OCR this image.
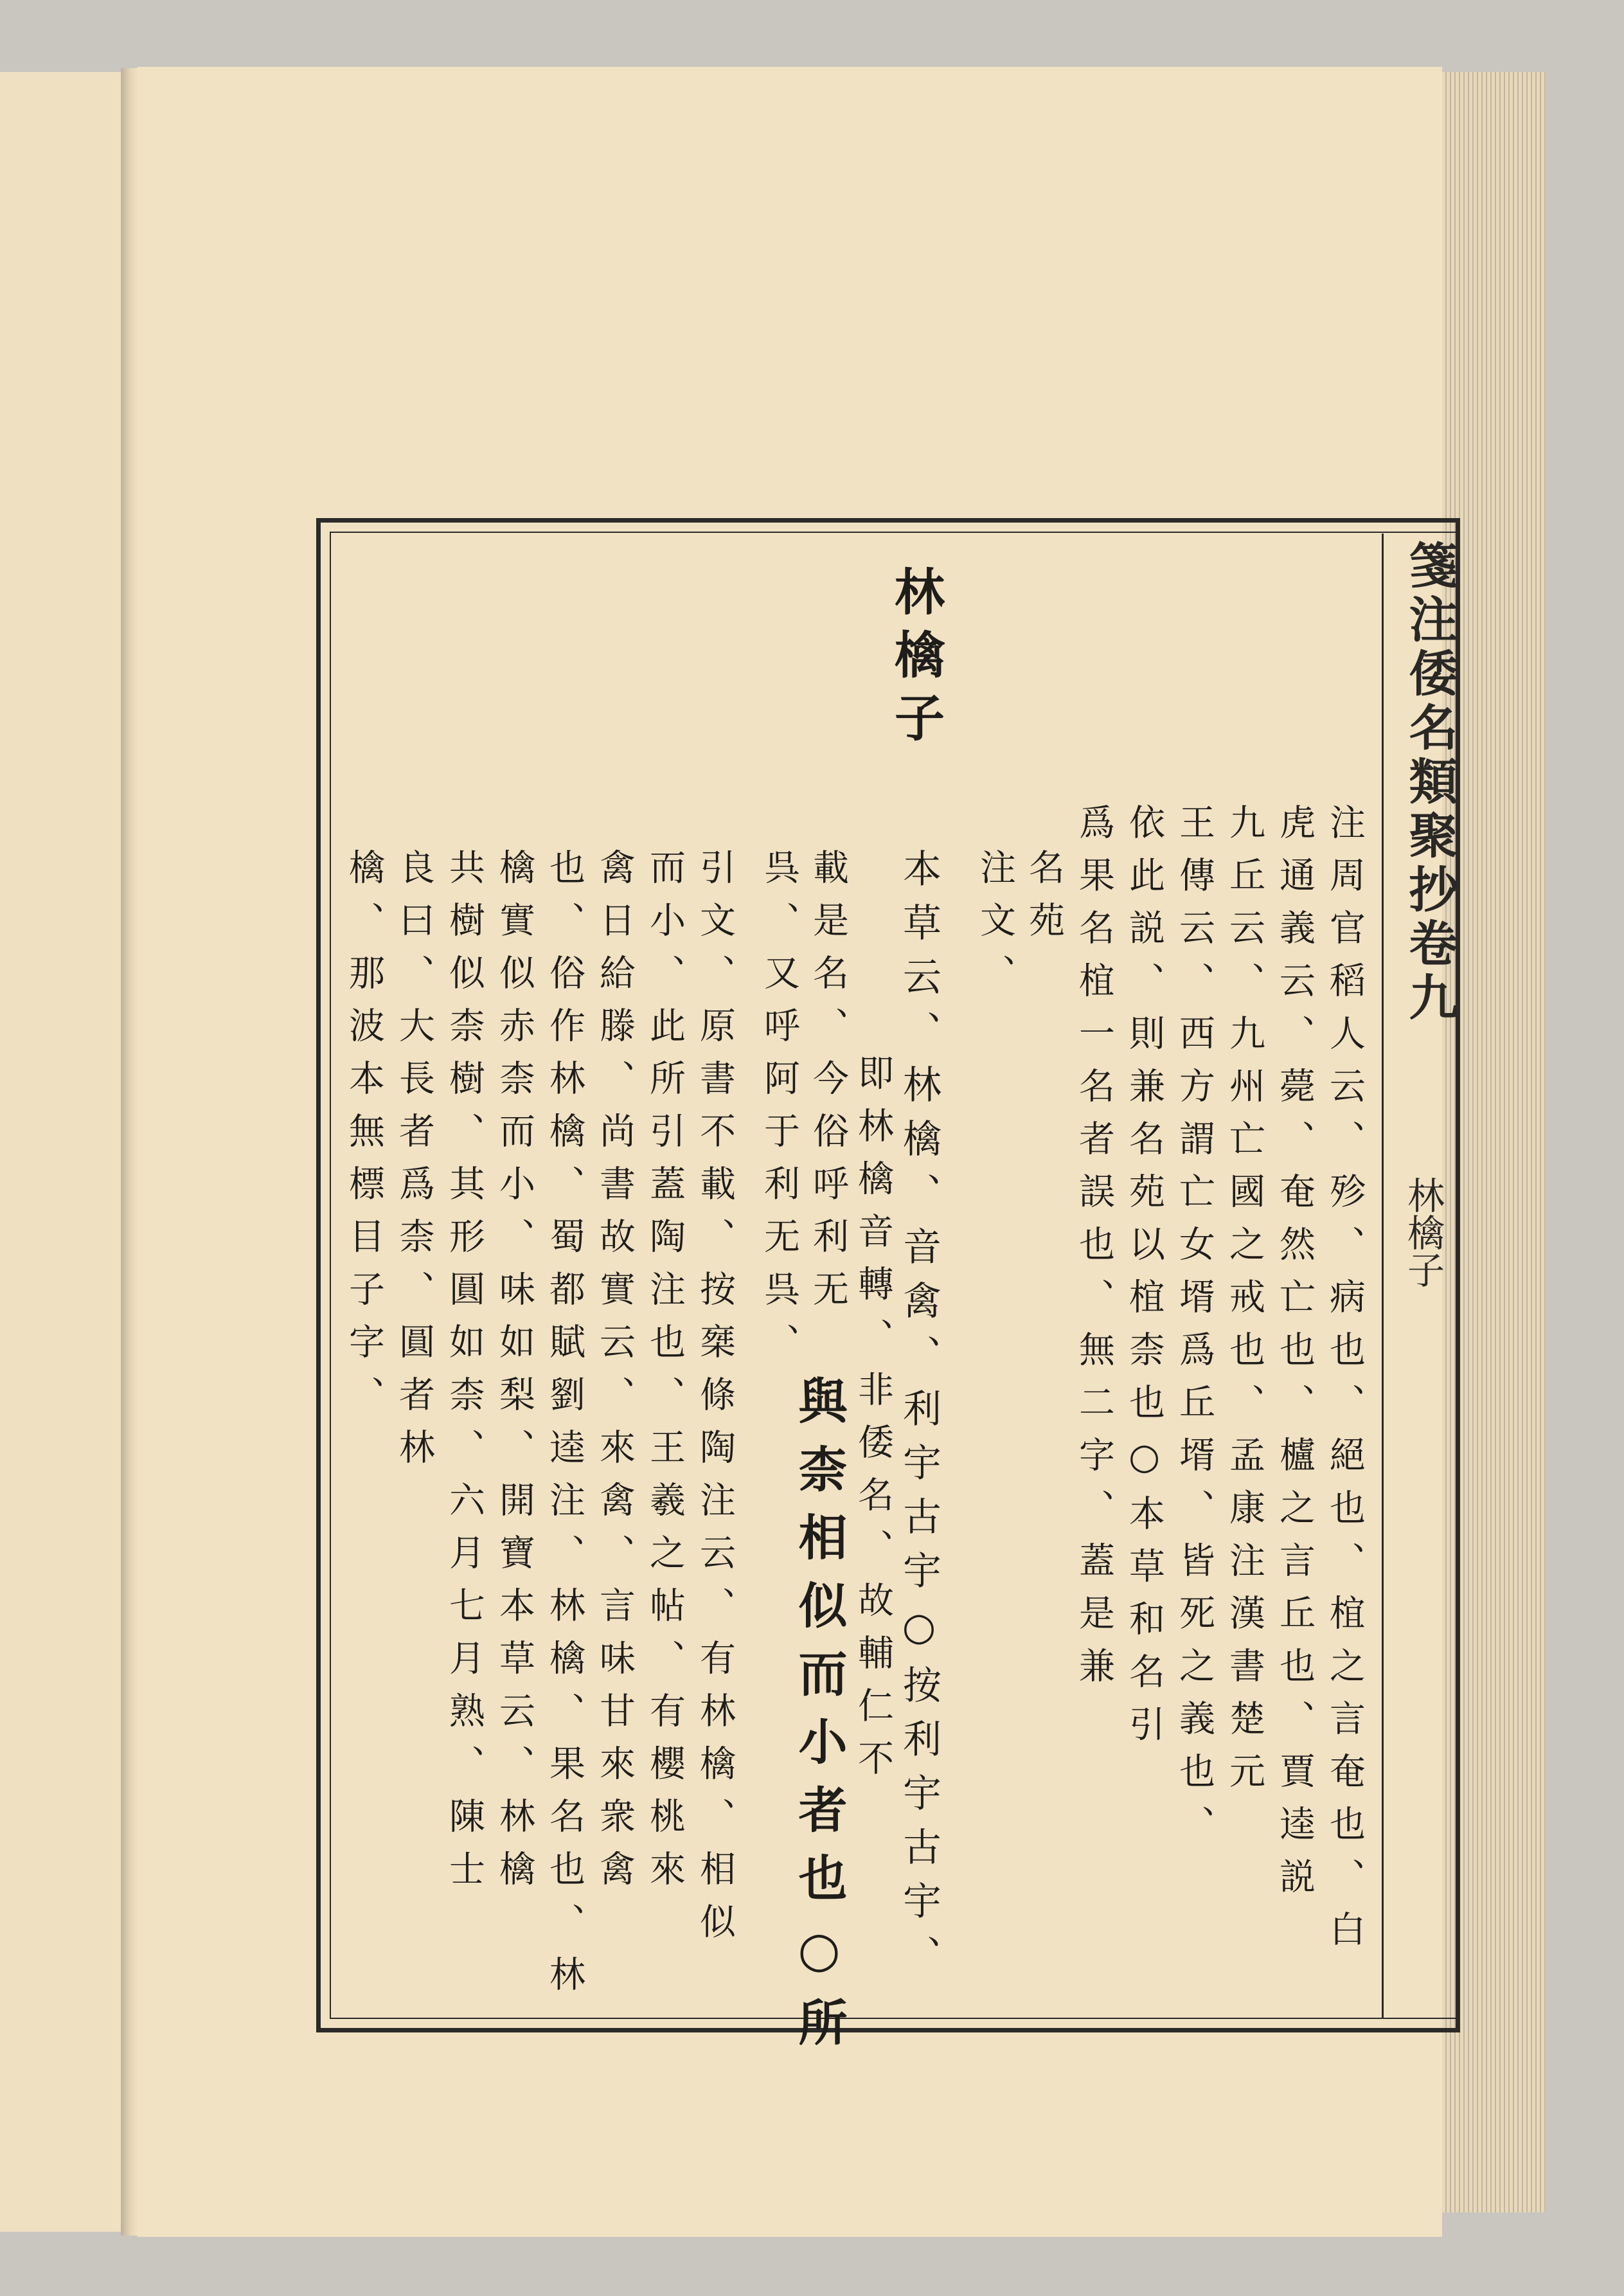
箋注倭名類聚抄卷九
林檎子
林檎子
注周官稻人云、殄、病也、絕也、椬之言奄也、白
虎通義云、薨、奄然亡也、櫨之言丘也、賈逵説
九丘云、九州亡國之戒也、孟康注漢書楚元
王傳云、西方謂亡女壻爲丘壻、皆死之義也、
依此説、則兼名苑以椬柰也○本草和名引
爲果名椬一名者誤也、無二字、蓋是兼
名苑
注文、
本草云、林檎、音禽、利宇古宇○按利宇古宇、
即林檎音轉、非倭名、故輔仁不
載是名、今俗呼利无
與柰相似而小者也○所
呉、又呼阿于利无呉、
引文、原書不載、按椉條陶注云、有林檎、相似
而小、此所引蓋陶注也、王羲之帖、有櫻桃來
禽日給滕、尚書故實云、來禽、言味甘來衆禽
也、俗作林檎、蜀都賦劉逵注、林檎、果名也、林
檎實似赤柰而小、味如梨、開寶本草云、林檎
共樹似柰樹、其形圓如柰、六月七月熟、陳士
良曰、大長者爲柰、圓者林
檎、那波本無標目子字、
